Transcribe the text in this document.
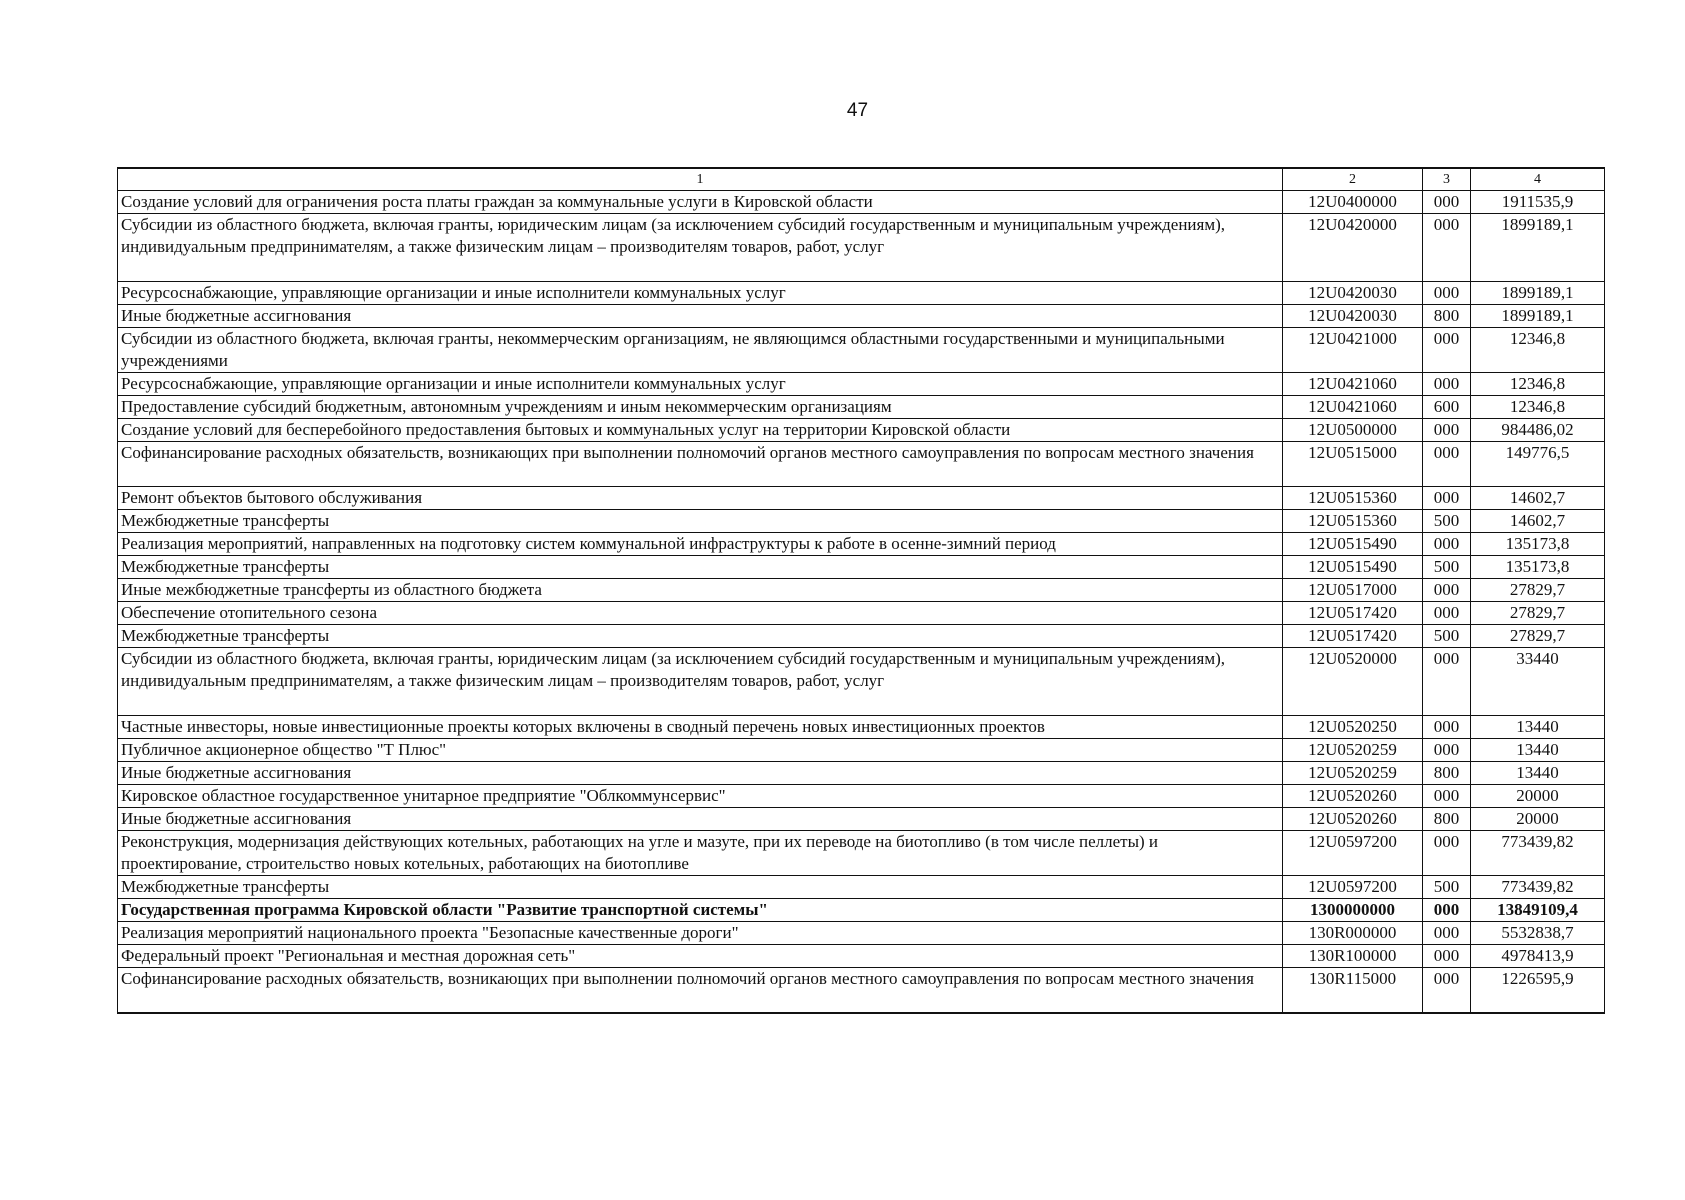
47
1	2	3	4
Создание условий для ограничения роста платы граждан за коммунальные услуги в Кировской области	12U0400000	000	1911535,9
Субсидии из областного бюджета, включая гранты, юридическим лицам (за исключением субсидий государственным и муниципальным учреждениям), индивидуальным предпринимателям, а также физическим лицам – производителям товаров, работ, услуг	12U0420000	000	1899189,1
Ресурсоснабжающие, управляющие организации и иные исполнители коммунальных услуг	12U0420030	000	1899189,1
Иные бюджетные ассигнования	12U0420030	800	1899189,1
Субсидии из областного бюджета, включая гранты, некоммерческим организациям, не являющимся областными государственными и муниципальными учреждениями	12U0421000	000	12346,8
Ресурсоснабжающие, управляющие организации и иные исполнители коммунальных услуг	12U0421060	000	12346,8
Предоставление субсидий бюджетным, автономным учреждениям и иным некоммерческим организациям	12U0421060	600	12346,8
Создание условий для бесперебойного предоставления бытовых и коммунальных услуг на территории Кировской области	12U0500000	000	984486,02
Софинансирование расходных обязательств, возникающих при выполнении полномочий органов местного самоуправления по вопросам местного значения	12U0515000	000	149776,5
Ремонт объектов бытового обслуживания	12U0515360	000	14602,7
Межбюджетные трансферты	12U0515360	500	14602,7
Реализация мероприятий, направленных на подготовку систем коммунальной инфраструктуры к работе в осенне-зимний период	12U0515490	000	135173,8
Межбюджетные трансферты	12U0515490	500	135173,8
Иные межбюджетные трансферты из областного бюджета	12U0517000	000	27829,7
Обеспечение отопительного сезона	12U0517420	000	27829,7
Межбюджетные трансферты	12U0517420	500	27829,7
Субсидии из областного бюджета, включая гранты, юридическим лицам (за исключением субсидий государственным и муниципальным учреждениям), индивидуальным предпринимателям, а также физическим лицам – производителям товаров, работ, услуг	12U0520000	000	33440
Частные инвесторы, новые инвестиционные проекты которых включены в сводный перечень новых инвестиционных проектов	12U0520250	000	13440
Публичное акционерное общество "Т Плюс"	12U0520259	000	13440
Иные бюджетные ассигнования	12U0520259	800	13440
Кировское областное государственное унитарное предприятие "Облкоммунсервис"	12U0520260	000	20000
Иные бюджетные ассигнования	12U0520260	800	20000
Реконструкция, модернизация действующих котельных, работающих на угле и мазуте, при их переводе на биотопливо (в том числе пеллеты) и проектирование, строительство новых котельных, работающих на биотопливе	12U0597200	000	773439,82
Межбюджетные трансферты	12U0597200	500	773439,82
Государственная программа Кировской области "Развитие транспортной системы"	1300000000	000	13849109,4
Реализация мероприятий национального проекта "Безопасные качественные дороги"	130R000000	000	5532838,7
Федеральный проект "Региональная и местная дорожная сеть"	130R100000	000	4978413,9
Софинансирование расходных обязательств, возникающих при выполнении полномочий органов местного самоуправления по вопросам местного значения	130R115000	000	1226595,9
